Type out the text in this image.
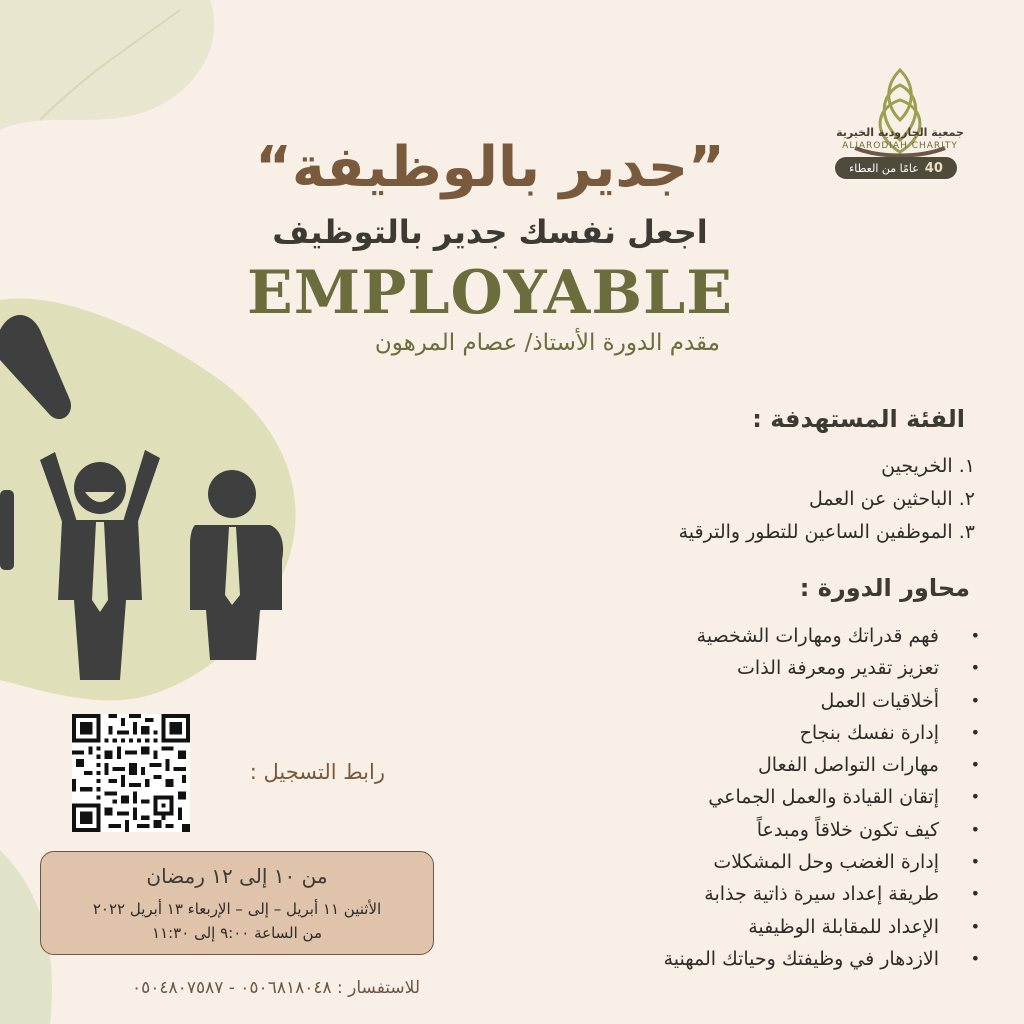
جمعية الجارودية الخيرية
ALJARODIAH CHARITY
40
عامًا من العطاء
”جدير بالوظيفة“
اجعل نفسك جدير بالتوظيف
EMPLOYABLE
مقدم الدورة الأستاذ/ عصام المرهون
الفئة المستهدفة :
١. الخريجين
٢. الباحثين عن العمل
٣. الموظفين الساعين للتطور والترقية
محاور الدورة :
• فهم قدراتك ومهارات الشخصية
• تعزيز تقدير ومعرفة الذات
• أخلاقيات العمل
• إدارة نفسك بنجاح
• مهارات التواصل الفعال
• إتقان القيادة والعمل الجماعي
• كيف تكون خلاقاً ومبدعاً
• إدارة الغضب وحل المشكلات
• طريقة إعداد سيرة ذاتية جذابة
• الإعداد للمقابلة الوظيفية
• الازدهار في وظيفتك وحياتك المهنية
رابط التسجيل :
من ١٠ إلى ١٢ رمضان
الأثنين ١١ أبريل – إلى – الإربعاء ١٣ أبريل ٢٠٢٢
من الساعة ٩:٠٠ إلى ١١:٣٠
للاستفسار : ٠٥٠٦٨١٨٠٤٨ - ٠٥٠٤٨٠٧٥٨٧
